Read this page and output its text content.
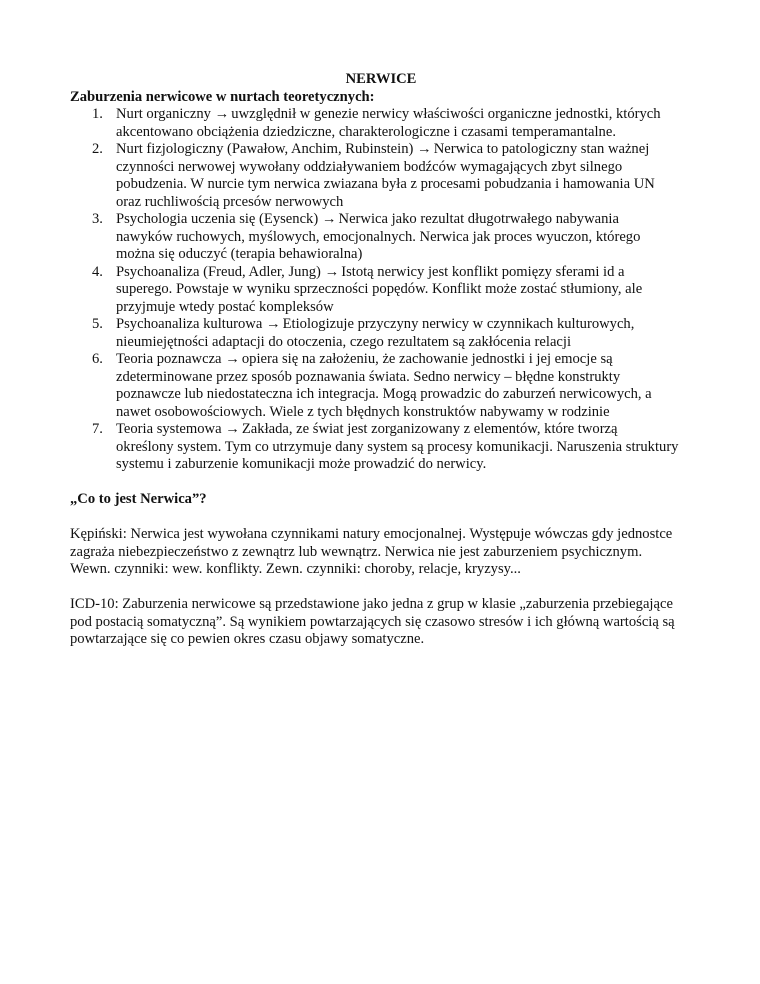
NERWICE

Zaburzenia nerwicowe w nurtach teoretycznych:

1. Nurt organiczny → uwzględnił w genezie nerwicy właściwości organiczne jednostki, których
akcentowano obciążenia dziedziczne, charakterologiczne i czasami temperamantalne.
2. Nurt fizjologiczny (Pawałow, Anchim, Rubinstein) → Nerwica to patologiczny stan ważnej
czynności nerwowej wywołany oddziaływaniem bodźców wymagających zbyt silnego
pobudzenia. W nurcie tym nerwica zwiazana była z procesami pobudzania i hamowania UN
oraz ruchliwością prcesów nerwowych
3. Psychologia uczenia się (Eysenck) → Nerwica jako rezultat długotrwałego nabywania
nawyków ruchowych, myślowych, emocjonalnych. Nerwica jak proces wyuczon, którego
można się oduczyć (terapia behawioralna)
4. Psychoanaliza (Freud, Adler, Jung) → Istotą nerwicy jest konflikt pomięzy sferami id a
superego. Powstaje w wyniku sprzeczności popędów. Konflikt może zostać stłumiony, ale
przyjmuje wtedy postać kompleksów
5. Psychoanaliza kulturowa → Etiologizuje przyczyny nerwicy w czynnikach kulturowych,
nieumiejętności adaptacji do otoczenia, czego rezultatem są zakłócenia relacji
6. Teoria poznawcza → opiera się na założeniu, że zachowanie jednostki i jej emocje są
zdeterminowane przez sposób poznawania świata. Sedno nerwicy – błędne konstrukty
poznawcze lub niedostateczna ich integracja. Mogą prowadzic do zaburzeń nerwicowych, a
nawet osobowościowych. Wiele z tych błędnych konstruktów nabywamy w rodzinie
7. Teoria systemowa → Zakłada, ze świat jest zorganizowany z elementów, które tworzą
określony system. Tym co utrzymuje dany system są procesy komunikacji. Naruszenia struktury
systemu i zaburzenie komunikacji może prowadzić do nerwicy.

„Co to jest Nerwica”?

Kępiński: Nerwica jest wywołana czynnikami natury emocjonalnej. Występuje wówczas gdy jednostce
zagraża niebezpieczeństwo z zewnątrz lub wewnątrz. Nerwica nie jest zaburzeniem psychicznym.
Wewn. czynniki: wew. konflikty. Zewn. czynniki: choroby, relacje, kryzysy...

ICD-10: Zaburzenia nerwicowe są przedstawione jako jedna z grup w klasie „zaburzenia przebiegające
pod postacią somatyczną”. Są wynikiem powtarzających się czasowo stresów i ich główną wartością są
powtarzające się co pewien okres czasu objawy somatyczne.
